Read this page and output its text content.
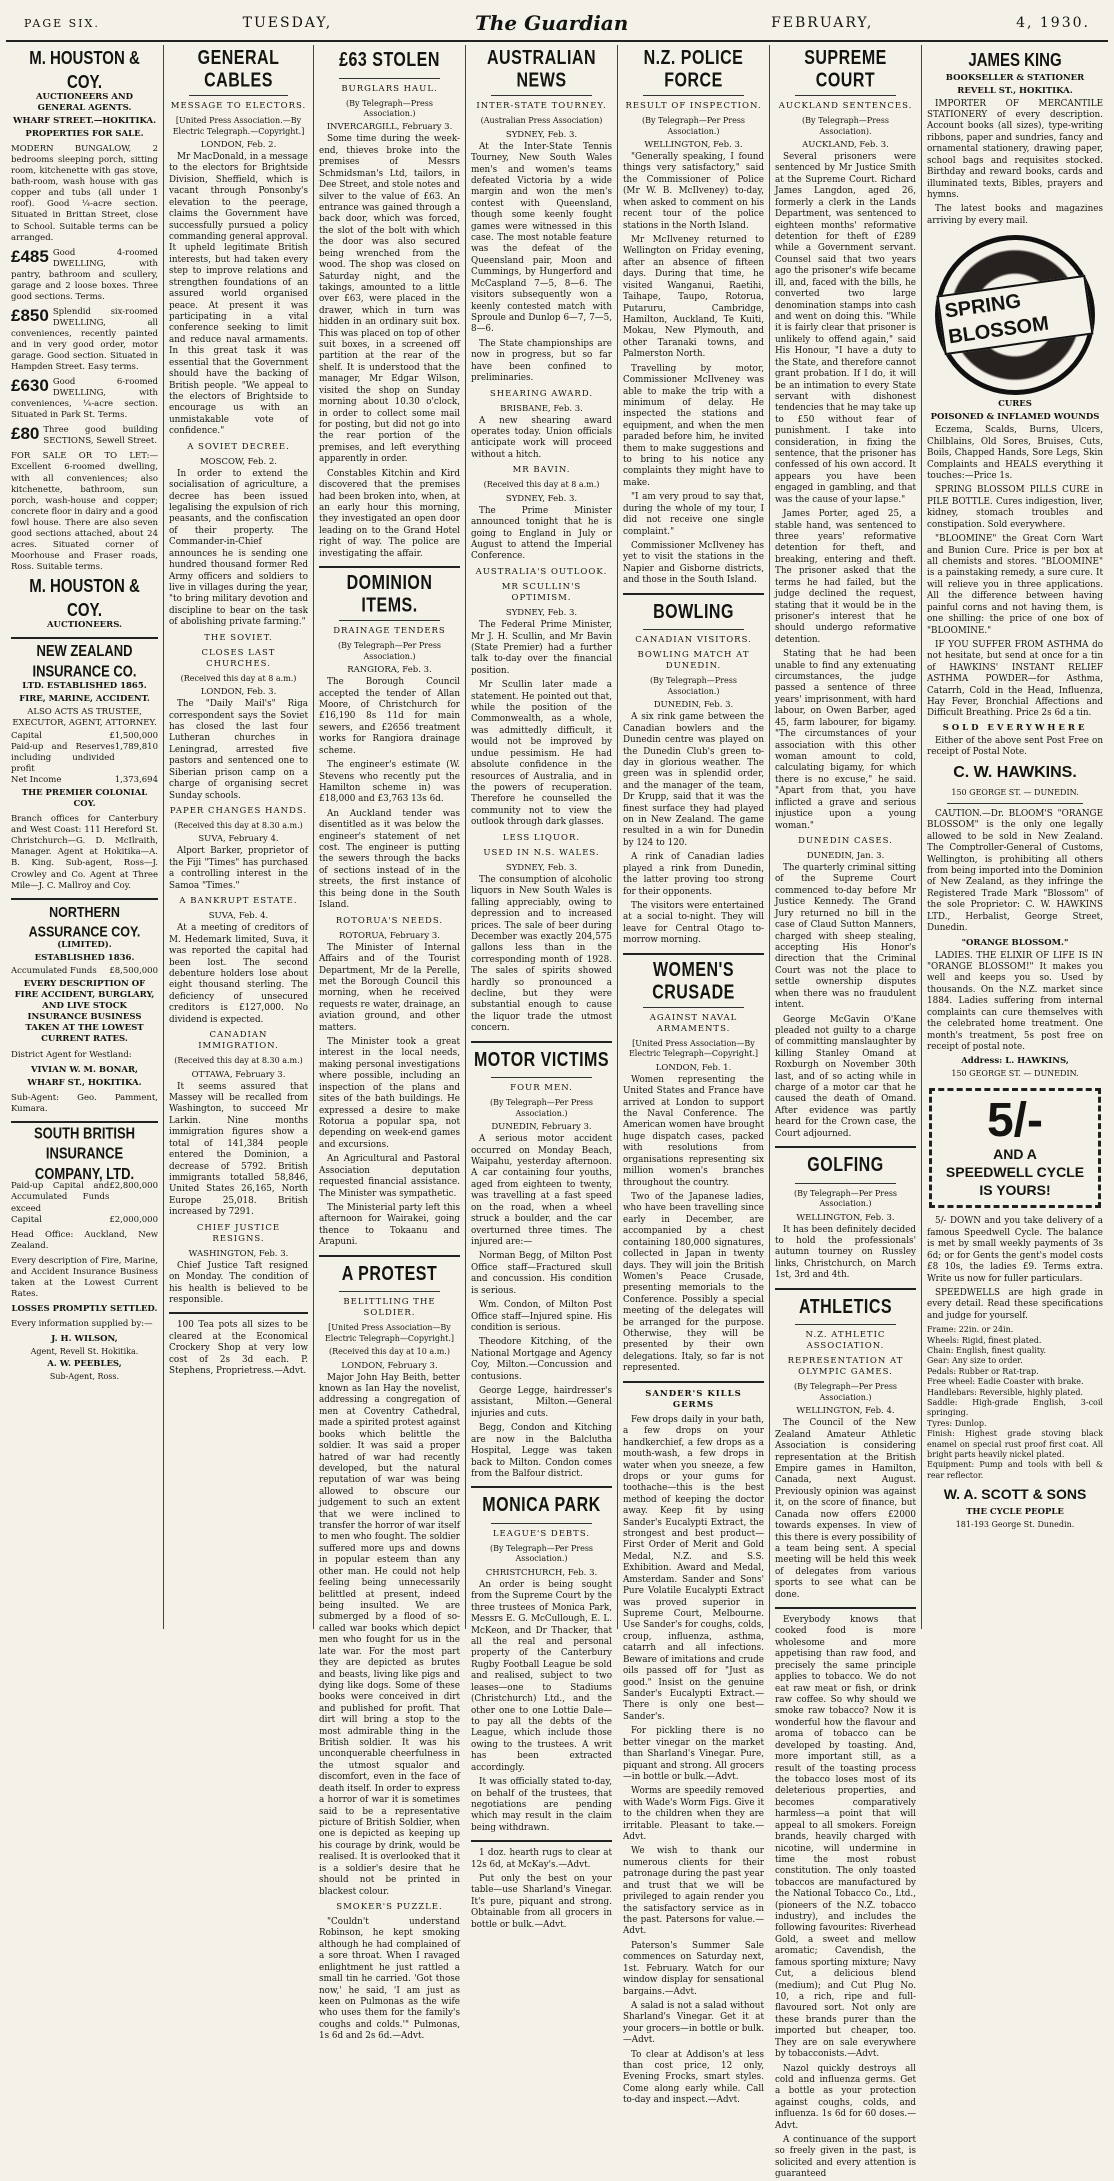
PAGE SIX.	TUESDAY,	The Guardian	FEBRUARY,	4, 1930.
M. HOUSTON & COY.
AUCTIONEERS AND GENERAL AGENTS.
WHARF STREET.—HOKITIKA.
PROPERTIES FOR SALE.
MODERN BUNGALOW, 2 bedrooms sleeping porch, sitting room, kitchenette with gas stove, bath-room, wash house with gas copper and tubs (all under 1 roof). Good ¼-acre section. Situated in Brittan Street, close to School. Suitable terms can be arranged.
£485 Good 4-roomed DWELLING, with pantry, bathroom and scullery, garage and 2 loose boxes. Three good sections. Terms.
£850 Splendid six-roomed DWELLING, all conveniences, recently painted and in very good order, motor garage. Good section. Situated in Hampden Street. Easy terms.
£630 Good 6-roomed DWELLING, with conveniences, ¼-acre section. Situated in Park St. Terms.
£80 Three good building SECTIONS, Sewell Street.
FOR SALE OR TO LET:—Excellent 6-roomed dwelling, with all conveniences; also kitchenette, bathroom, sun porch, wash-house and copper; concrete floor in dairy and a good fowl house. There are also seven good sections attached, about 24 acres. Situated corner of Moorhouse and Fraser roads, Ross. Suitable terms.
M. HOUSTON & COY.
AUCTIONEERS.
NEW ZEALAND INSURANCE CO.
LTD. ESTABLISHED 1865.
FIRE, MARINE, ACCIDENT.
ALSO ACTS AS TRUSTEE, EXECUTOR, AGENT, ATTORNEY.
Capital	£1,500,000
Paid-up and Reserves including undivided profit
1,789,810
Net Income	1,373,694
THE PREMIER COLONIAL COY.
Branch offices for Canterbury and West Coast: 111 Hereford St. Christchurch—G. D. McIlraith, Manager. Agent at Hokitika—A. B. King. Sub-agent, Ross—J. Crowley and Co. Agent at Three Mile—J. C. Mallroy and Coy.
NORTHERN ASSURANCE COY.
(LIMITED).
ESTABLISHED 1836.
Accumulated Funds £8,500,000
EVERY DESCRIPTION OF FIRE ACCIDENT, BURGLARY, AND LIVE STOCK INSURANCE BUSINESS TAKEN AT THE LOWEST CURRENT RATES.
District Agent for Westland:
VIVIAN W. M. BONAR,
WHARF ST., HOKITIKA.
Sub-Agent: Geo. Pamment, Kumara.
SOUTH BRITISH INSURANCE COMPANY, LTD.
Paid-up Capital and Accumulated Funds exceed
£2,800,000
Capital	£2,000,000
Head Office: Auckland, New Zealand.
Every description of Fire, Marine, and Accident Insurance Business taken at the Lowest Current Rates.
LOSSES PROMPTLY SETTLED.
Every information supplied by:—
J. H. WILSON,
Agent, Revell St. Hokitika.
A. W. PEEBLES,
Sub-Agent, Ross.
GENERAL CABLES
MESSAGE TO ELECTORS.
[United Press Association.—By Electric Telegraph.—Copyright.]
LONDON, Feb. 2.

Mr MacDonald, in a message to the electors for Brightside Division, Sheffield, which is vacant through Ponsonby's elevation to the peerage, claims the Government have successfully pursued a policy commanding general approval. It upheld legitimate British interests, but had taken every step to improve relations and strengthen foundations of an assured world organised peace. At present it was participating in a vital conference seeking to limit and reduce naval armaments. In this great task it was essential that the Government should have the backing of British people. "We appeal to the electors of Brightside to encourage us with an unmistakable vote of confidence."

A SOVIET DECREE.
MOSCOW, Feb. 2.

In order to extend the socialisation of agriculture, a decree has been issued legalising the expulsion of rich peasants, and the confiscation of their property. The Commander-in-Chief announces he is sending one hundred thousand former Red Army officers and soldiers to live in villages during the year, "to bring military devotion and discipline to bear on the task of abolishing private farming."

THE SOVIET.
CLOSES LAST CHURCHES.
(Received this day at 8 a.m.)
LONDON, Feb. 3.

The "Daily Mail's" Riga correspondent says the Soviet has closed the last four Lutheran churches in Leningrad, arrested five pastors and sentenced one to Siberian prison camp on a charge of organising secret Sunday schools.

PAPER CHANGES HANDS.
(Received this day at 8.30 a.m.)
SUVA, February 4.

Alport Barker, proprietor of the Fiji "Times" has purchased a controlling interest in the Samoa "Times."

A BANKRUPT ESTATE.
SUVA, Feb. 4.

At a meeting of creditors of M. Hedemark limited, Suva, it was reported the capital had been lost. The second debenture holders lose about eight thousand sterling. The deficiency of unsecured creditors is £127,000. No dividend is expected.

CANADIAN IMMIGRATION.
(Received this day at 8.30 a.m.)
OTTAWA, February 3.

It seems assured that Massey will be recalled from Washington, to succeed Mr Larkin. Nine months immigration figures show a total of 141,384 people entered the Dominion, a decrease of 5792. British immigrants totalled 58,846, United States 26,165, North Europe 25,018. British increased by 7291.

CHIEF JUSTICE RESIGNS.
WASHINGTON, Feb. 3.

Chief Justice Taft resigned on Monday. The condition of his health is believed to be responsible.

100 Tea pots all sizes to be cleared at the Economical Crockery Shop at very low cost of 2s 3d each. P. Stephens, Proprietress.—Advt.

£63 STOLEN
BURGLARS HAUL.
(By Telegraph—Press Association.)
INVERCARGILL, February 3.

Some time during the week-end, thieves broke into the premises of Messrs Schmidsman's Ltd, tailors, in Dee Street, and stole notes and silver to the value of £63. An entrance was gained through a back door, which was forced, the slot of the bolt with which the door was also secured being wrenched from the wood. The shop was closed on Saturday night, and the takings, amounted to a little over £63, were placed in the drawer, which in turn was hidden in an ordinary suit box. This was placed on top of other suit boxes, in a screened off partition at the rear of the shelf. It is understood that the manager, Mr Edgar Wilson, visited the shop on Sunday morning about 10.30 o'clock, in order to collect some mail for posting, but did not go into the rear portion of the premises, and left everything apparently in order.

Constables Kitchin and Kird discovered that the premises had been broken into, when, at an early hour this morning, they investigated an open door leading on to the Grand Hotel right of way. The police are investigating the affair.

DOMINION ITEMS.
DRAINAGE TENDERS
(By Telegraph—Per Press Association.)
RANGIORA, Feb. 3.

The Borough Council accepted the tender of Allan Moore, of Christchurch for £16,190 8s 11d for main sewers, and £2656 treatment works for Rangiora drainage scheme.

The engineer's estimate (W. Stevens who recently put the Hamilton scheme in) was £18,000 and £3,763 13s 6d.

An Auckland tender was disentitled as it was below the engineer's statement of net cost. The engineer is putting the sewers through the backs of sections instead of in the streets, the first instance of this being done in the South Island.

ROTORUA'S NEEDS.
ROTORUA, February 3.

The Minister of Internal Affairs and of the Tourist Department, Mr de la Perelle, met the Borough Council this morning, when he received requests re water, drainage, an aviation ground, and other matters.

The Minister took a great interest in the local needs, making personal investigations where possible, including an inspection of the plans and sites of the bath buildings. He expressed a desire to make Rotorua a popular spa, not depending on week-end games and excursions.

An Agricultural and Pastoral Association deputation requested financial assistance. The Minister was sympathetic.

The Ministerial party left this afternoon for Wairakei, going thence to Tokaanu and Arapuni.

A PROTEST
BELITTLING THE SOLDIER.
[United Press Association—By Electric Telegraph—Copyright.]
(Received this day at 10 a.m.)
LONDON, February 3.

Major John Hay Beith, better known as Ian Hay the novelist, addressing a congregation of men at Coventry Cathedral, made a spirited protest against books which belittle the soldier. It was said a proper hatred of war had recently developed, but the natural reputation of war was being allowed to obscure our judgement to such an extent that we were inclined to transfer the horror of war itself to men who fought. The soldier suffered more ups and downs in popular esteem than any other man. He could not help feeling being unnecessarily belittled at present, indeed being insulted. We are submerged by a flood of so-called war books which depict men who fought for us in the late war. For the most part they are depicted as brutes and beasts, living like pigs and dying like dogs. Some of these books were conceived in dirt and published for profit. That dirt will bring a stop to the most admirable thing in the British soldier. It was his unconquerable cheerfulness in the utmost squalor and discomfort, even in the face of death itself. In order to express a horror of war it is sometimes said to be a representative picture of British Soldier, when one is depicted as keeping up his courage by drink, would be realised. It is overlooked that it is a soldier's desire that he should not be printed in blackest colour.

SMOKER'S PUZZLE.

"Couldn't understand Robinson, he kept smoking although he had complained of a sore throat. When I ravaged enlightment he just rattled a small tin he carried. 'Got those now,' he said, 'I am just as keen on Pulmonas as the wife who uses them for the family's coughs and colds.'" Pulmonas, 1s 6d and 2s 6d.—Advt.

AUSTRALIAN NEWS
INTER-STATE TOURNEY.
(Australian Press Association)
SYDNEY, Feb. 3.

At the Inter-State Tennis Tourney, New South Wales men's and women's teams defeated Victoria by a wide margin and won the men's contest with Queensland, though some keenly fought games were witnessed in this case. The most notable feature was the defeat of the Queensland pair, Moon and Cummings, by Hungerford and McCaspland 7—5, 8—6. The visitors subsequently won a keenly contested match with Sproule and Dunlop 6—7, 7—5, 8—6.

The State championships are now in progress, but so far have been confined to preliminaries.

SHEARING AWARD.
BRISBANE, Feb. 3.

A new shearing award operates today. Union officials anticipate work will proceed without a hitch.

MR BAVIN.
(Received this day at 8 a.m.)
SYDNEY, Feb. 3.

The Prime Minister announced tonight that he is going to England in July or August to attend the Imperial Conference.

AUSTRALIA'S OUTLOOK.
MR SCULLIN'S OPTIMISM.
SYDNEY, Feb. 3.

The Federal Prime Minister, Mr J. H. Scullin, and Mr Bavin (State Premier) had a further talk to-day over the financial position.

Mr Scullin later made a statement. He pointed out that, while the position of the Commonwealth, as a whole, was admittedly difficult, it would not be improved by undue pessimism. He had absolute confidence in the resources of Australia, and in the powers of recuperation. Therefore he counselled the community not to view the outlook through dark glasses.

LESS LIQUOR.
USED IN N.S. WALES.
SYDNEY, Feb. 3.

The consumption of alcoholic liquors in New South Wales is falling appreciably, owing to depression and to increased prices. The sale of beer during December was exactly 204,575 gallons less than in the corresponding month of 1928. The sales of spirits showed hardly so pronounced a decline, but they were substantial enough to cause the liquor trade the utmost concern.

MOTOR VICTIMS
FOUR MEN.
(By Telegraph—Per Press Association.)
DUNEDIN, February 3.

A serious motor accident occurred on Monday Beach, Waipahu, yesterday afternoon. A car containing four youths, aged from eighteen to twenty, was travelling at a fast speed on the road, when a wheel struck a boulder, and the car overturned three times. The injured are:—

Norman Begg, of Milton Post Office staff—Fractured skull and concussion. His condition is serious.

Wm. Condon, of Milton Post Office staff—Injured spine. His condition is serious.

Theodore Kitching, of the National Mortgage and Agency Coy, Milton.—Concussion and contusions.

George Legge, hairdresser's assistant, Milton.—General injuries and cuts.

Begg, Condon and Kitching are now in the Balclutha Hospital, Legge was taken back to Milton. Condon comes from the Balfour district.

MONICA PARK
LEAGUE'S DEBTS.
(By Telegraph—Per Press Association.)
CHRISTCHURCH, Feb. 3.

An order is being sought from the Supreme Court by the three trustees of Monica Park, Messrs E. G. McCullough, E. L. McKeon, and Dr Thacker, that all the real and personal property of the Canterbury Rugby Football League be sold and realised, subject to two leases—one to Stadiums (Christchurch) Ltd., and the other one to one Lottie Dale—to pay all the debts of the League, which include those owing to the trustees. A writ has been extracted accordingly.

It was officially stated to-day, on behalf of the trustees, that negotiations are pending which may result in the claim being withdrawn.

1 doz. hearth rugs to clear at 12s 6d, at McKay's.—Advt.

Put only the best on your table—use Sharland's Vinegar. It's pure, piquant and strong. Obtainable from all grocers in bottle or bulk.—Advt.

N.Z. POLICE FORCE
RESULT OF INSPECTION.
(By Telegraph—Per Press Association.)
WELLINGTON, Feb. 3.

"Generally speaking, I found things very satisfactory," said the Commissioner of Police (Mr W. B. McIlveney) to-day, when asked to comment on his recent tour of the police stations in the North Island.

Mr McIlveney returned to Wellington on Friday evening, after an absence of fifteen days. During that time, he visited Wanganui, Raetihi, Taihape, Taupo, Rotorua, Putaruru, Cambridge, Hamilton, Auckland, Te Kuiti, Mokau, New Plymouth, and other Taranaki towns, and Palmerston North.

Travelling by motor, Commissioner McIlveney was able to make the trip with a minimum of delay. He inspected the stations and equipment, and when the men paraded before him, he invited them to make suggestions and to bring to his notice any complaints they might have to make.

"I am very proud to say that, during the whole of my tour, I did not receive one single complaint."

Commissioner McIlveney has yet to visit the stations in the Napier and Gisborne districts, and those in the South Island.

BOWLING
CANADIAN VISITORS.
BOWLING MATCH AT DUNEDIN.
(By Telegraph—Press Association.)
DUNEDIN, Feb. 3.

A six rink game between the Canadian bowlers and the Dunedin centre was played on the Dunedin Club's green to-day in glorious weather. The green was in splendid order, and the manager of the team, Dr Krupp, said that it was the finest surface they had played on in New Zealand. The game resulted in a win for Dunedin by 124 to 120.

A rink of Canadian ladies played a rink from Dunedin, the latter proving too strong for their opponents.

The visitors were entertained at a social to-night. They will leave for Central Otago to-morrow morning.

WOMEN'S CRUSADE
AGAINST NAVAL ARMAMENTS.
[United Press Association—By Electric Telegraph—Copyright.]
LONDON, Feb. 1.

Women representing the United States and France have arrived at London to support the Naval Conference. The American women have brought huge dispatch cases, packed with resolutions from organisations representing six million women's branches throughout the country.

Two of the Japanese ladies, who have been travelling since early in December, are accompanied by a chest containing 180,000 signatures, collected in Japan in twenty days. They will join the British Women's Peace Crusade, presenting memorials to the Conference. Possibly a special meeting of the delegates will be arranged for the purpose. Otherwise, they will be presented by their own delegations. Italy, so far is not represented.

SANDER'S KILLS GERMS

Few drops daily in your bath, a few drops on your handkerchief, a few drops as a mouth-wash, a few drops in water when you sneeze, a few drops or your gums for toothache—this is the best method of keeping the doctor away. Keep fit by using Sander's Eucalypti Extract, the strongest and best product—First Order of Merit and Gold Medal, N.Z. and S.S. Exhibition. Award and Medal, Amsterdam. Sander and Sons' Pure Volatile Eucalypti Extract was proved superior in Supreme Court, Melbourne. Use Sander's for coughs, colds, croup, influenza, asthma, catarrh and all infections. Beware of imitations and crude oils passed off for "Just as good." Insist on the genuine Sander's Eucalypti Extract.—There is only one best—Sander's.

For pickling there is no better vinegar on the market than Sharland's Vinegar. Pure, piquant and strong. All grocers—in bottle or bulk.—Advt.

Worms are speedily removed with Wade's Worm Figs. Give it to the children when they are irritable. Pleasant to take.—Advt.

We wish to thank our numerous clients for their patronage during the past year and trust that we will be privileged to again render you the satisfactory service as in the past. Patersons for value.—Advt.

Paterson's Summer Sale commences on Saturday next, 1st. February. Watch for our window display for sensational bargains.—Advt.

A salad is not a salad without Sharland's Vinegar. Get it at your grocers—in bottle or bulk.—Advt.

To clear at Addison's at less than cost price, 12 only, Evening Frocks, smart styles. Come along early while. Call to-day and inspect.—Advt.

SUPREME COURT
AUCKLAND SENTENCES.
(By Telegraph—Press Association).
AUCKLAND, Feb. 3.

Several prisoners were sentenced by Mr Justice Smith at the Supreme Court. Richard James Langdon, aged 26, formerly a clerk in the Lands Department, was sentenced to eighteen months' reformative detention for theft of £289 while a Government servant. Counsel said that two years ago the prisoner's wife became ill, and, faced with the bills, he converted two large denomination stamps into cash and went on doing this. "While it is fairly clear that prisoner is unlikely to offend again," said His Honour, "I have a duty to the State, and therefore cannot grant probation. If I do, it will be an intimation to every State servant with dishonest tendencies that he may take up to £50 without fear of punishment. I take into consideration, in fixing the sentence, that the prisoner has confessed of his own accord. It appears you have been engaged in gambling, and that was the cause of your lapse."

James Porter, aged 25, a stable hand, was sentenced to three years' reformative detention for theft, and breaking, entering and theft. The prisoner asked that the terms he had failed, but the judge declined the request, stating that it would be in the prisoner's interest that he should undergo reformative detention.

Stating that he had been unable to find any extenuating circumstances, the judge passed a sentence of three years' imprisonment, with hard labour, on Owen Barber, aged 45, farm labourer, for bigamy. "The circumstances of your association with this other woman amount to cold, calculating bigamy, for which there is no excuse," he said. "Apart from that, you have inflicted a grave and serious injustice upon a young woman."

DUNEDIN CASES.
DUNEDIN, Jan. 3.

The quarterly criminal sitting of the Supreme Court commenced to-day before Mr Justice Kennedy. The Grand Jury returned no bill in the case of Claud Sutton Manners, charged with sheep stealing, accepting His Honor's direction that the Criminal Court was not the place to settle ownership disputes when there was no fraudulent intent.

George McGavin O'Kane pleaded not guilty to a charge of committing manslaughter by killing Stanley Omand at Roxburgh on November 30th last, and of so acting while in charge of a motor car that he caused the death of Omand. After evidence was partly heard for the Crown case, the Court adjourned.

GOLFING
(By Telegraph—Per Press Association.)
WELLINGTON, Feb. 3.

It has been definitely decided to hold the professionals' autumn tourney on Russley links, Christchurch, on March 1st, 3rd and 4th.

ATHLETICS
N.Z. ATHLETIC ASSOCIATION.
REPRESENTATION AT OLYMPIC GAMES.
(By Telegraph—Per Press Association.)
WELLINGTON, Feb. 4.

The Council of the New Zealand Amateur Athletic Association is considering representation at the British Empire games in Hamilton, Canada, next August. Previously opinion was against it, on the score of finance, but Canada now offers £2000 towards expenses. In view of this there is every possibility of a team being sent. A special meeting will be held this week of delegates from various sports to see what can be done.

Everybody knows that cooked food is more wholesome and more appetising than raw food, and precisely the same principle applies to tobacco. We do not eat raw meat or fish, or drink raw coffee. So why should we smoke raw tobacco? Now it is wonderful how the flavour and aroma of tobacco can be developed by toasting. And, more important still, as a result of the toasting process the tobacco loses most of its deleterious properties, and becomes comparatively harmless—a point that will appeal to all smokers. Foreign brands, heavily charged with nicotine, will undermine in time the most robust constitution. The only toasted tobaccos are manufactured by the National Tobacco Co., Ltd., (pioneers of the N.Z. tobacco industry), and includes the following favourites: Riverhead Gold, a sweet and mellow aromatic; Cavendish, the famous sporting mixture; Navy Cut, a delicious blend (medium); and Cut Plug No. 10, a rich, ripe and full-flavoured sort. Not only are these brands purer than the imported but cheaper, too. They are on sale everywhere by tobacconists.—Advt.

Nazol quickly destroys all cold and influenza germs. Get a bottle as your protection against coughs, colds, and influenza. 1s 6d for 60 doses.—Advt.

A continuance of the support so freely given in the past, is solicited and every attention is guaranteed

JAMES KING
BOOKSELLER & STATIONER
REVELL ST., HOKITIKA.

IMPORTER OF MERCANTILE STATIONERY of every description. Account books (all sizes), type-writing ribbons, paper and sundries, fancy and ornamental stationery, drawing paper, school bags and requisites stocked. Birthday and reward books, cards and illuminated texts, Bibles, prayers and hymns.

The latest books and magazines arriving by every mail.

SPRING BLOSSOM
CURES
POISONED & INFLAMED WOUNDS

Eczema, Scalds, Burns, Ulcers, Chilblains, Old Sores, Bruises, Cuts, Boils, Chapped Hands, Sore Legs, Skin Complaints and HEALS everything it touches:—Price 1s.

SPRING BLOSSOM PILLS CURE in PILE BOTTLE. Cures indigestion, liver, kidney, stomach troubles and constipation. Sold everywhere.

"BLOOMINE" the Great Corn Wart and Bunion Cure. Price is per box at all chemists and stores. "BLOOMINE" is a painstaking remedy, a sure cure. It will relieve you in three applications. All the difference between having painful corns and not having them, is one shilling: the price of one box of "BLOOMINE."

IF YOU SUFFER FROM ASTHMA do not hesitate, but send at once for a tin of HAWKINS' INSTANT RELIEF ASTHMA POWDER—for Asthma, Catarrh, Cold in the Head, Influenza, Hay Fever, Bronchial Affections and Difficult Breathing. Price 2s 6d a tin.

SOLD EVERYWHERE

Either of the above sent Post Free on receipt of Postal Note.

C. W. HAWKINS.
150 GEORGE ST. — DUNEDIN.

CAUTION.—Dr. BLOOM'S "ORANGE BLOSSOM" is the only one legally allowed to be sold in New Zealand. The Comptroller-General of Customs, Wellington, is prohibiting all others from being imported into the Dominion of New Zealand, as they infringe the Registered Trade Mark "Blossom" of the sole Proprietor: C. W. HAWKINS LTD., Herbalist, George Street, Dunedin.

"ORANGE BLOSSOM."

LADIES. THE ELIXIR OF LIFE IS IN "ORANGE BLOSSOM!" It makes you well and keeps you so. Used by thousands. On the N.Z. market since 1884. Ladies suffering from internal complaints can cure themselves with the celebrated home treatment. One month's treatment, 5s post free on receipt of postal note.

Address: L. HAWKINS,
150 GEORGE ST. — DUNEDIN.
5/-
AND A
SPEEDWELL CYCLE
IS YOURS!

5/- DOWN and you take delivery of a famous Speedwell Cycle. The balance is met by small weekly payments of 3s 6d; or for Gents the gent's model costs £8 10s, the ladies £9. Terms extra. Write us now for fuller particulars.

SPEEDWELLS are high grade in every detail. Read these specifications and judge for yourself.

Frame: 22in. or 24in.
Wheels: Rigid, finest plated.
Chain: English, finest quality.
Gear: Any size to order.
Pedals: Rubber or Rat-trap.
Free wheel: Eadie Coaster with brake.
Handlebars: Reversible, highly plated.
Saddle: High-grade English, 3-coil springing.
Tyres: Dunlop.
Finish: Highest grade stoving black enamel on special rust proof first coat. All bright parts heavily nickel plated.
Equipment: Pump and tools with bell & rear reflector.
W. A. SCOTT & SONS
THE CYCLE PEOPLE
181-193 George St. Dunedin.
